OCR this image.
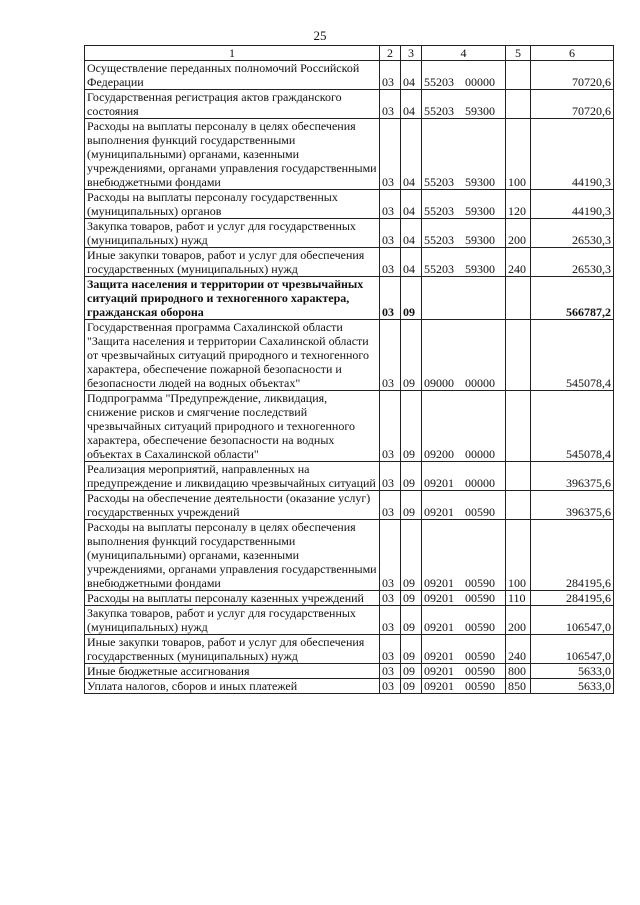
25
1	2	3	4	5	6
Осуществление переданных полномочий Российской Федерации	03	04	55203 00000		70720,6
Государственная регистрация актов гражданского состояния	03	04	55203 59300		70720,6
Расходы на выплаты персоналу в целях обеспечения выполнения функций государственными (муниципальными) органами, казенными учреждениями, органами управления государственными внебюджетными фондами	03	04	55203 59300	100	44190,3
Расходы на выплаты персоналу государственных (муниципальных) органов	03	04	55203 59300	120	44190,3
Закупка товаров, работ и услуг для государственных (муниципальных) нужд	03	04	55203 59300	200	26530,3
Иные закупки товаров, работ и услуг для обеспечения государственных (муниципальных) нужд	03	04	55203 59300	240	26530,3
Защита населения и территории от чрезвычайных ситуаций природного и техногенного характера, гражданская оборона	03	09			566787,2
Государственная программа Сахалинской области "Защита населения и территории Сахалинской области от чрезвычайных ситуаций природного и техногенного характера, обеспечение пожарной безопасности и безопасности людей на водных объектах"	03	09	09000 00000		545078,4
Подпрограмма "Предупреждение, ликвидация, снижение рисков и смягчение последствий чрезвычайных ситуаций природного и техногенного характера, обеспечение безопасности на водных объектах в Сахалинской области"	03	09	09200 00000		545078,4
Реализация мероприятий, направленных на предупреждение и ликвидацию чрезвычайных ситуаций	03	09	09201 00000		396375,6
Расходы на обеспечение деятельности (оказание услуг) государственных учреждений	03	09	09201 00590		396375,6
Расходы на выплаты персоналу в целях обеспечения выполнения функций государственными (муниципальными) органами, казенными учреждениями, органами управления государственными внебюджетными фондами	03	09	09201 00590	100	284195,6
Расходы на выплаты персоналу казенных учреждений	03	09	09201 00590	110	284195,6
Закупка товаров, работ и услуг для государственных (муниципальных) нужд	03	09	09201 00590	200	106547,0
Иные закупки товаров, работ и услуг для обеспечения государственных (муниципальных) нужд	03	09	09201 00590	240	106547,0
Иные бюджетные ассигнования	03	09	09201 00590	800	5633,0
Уплата налогов, сборов и иных платежей	03	09	09201 00590	850	5633,0
